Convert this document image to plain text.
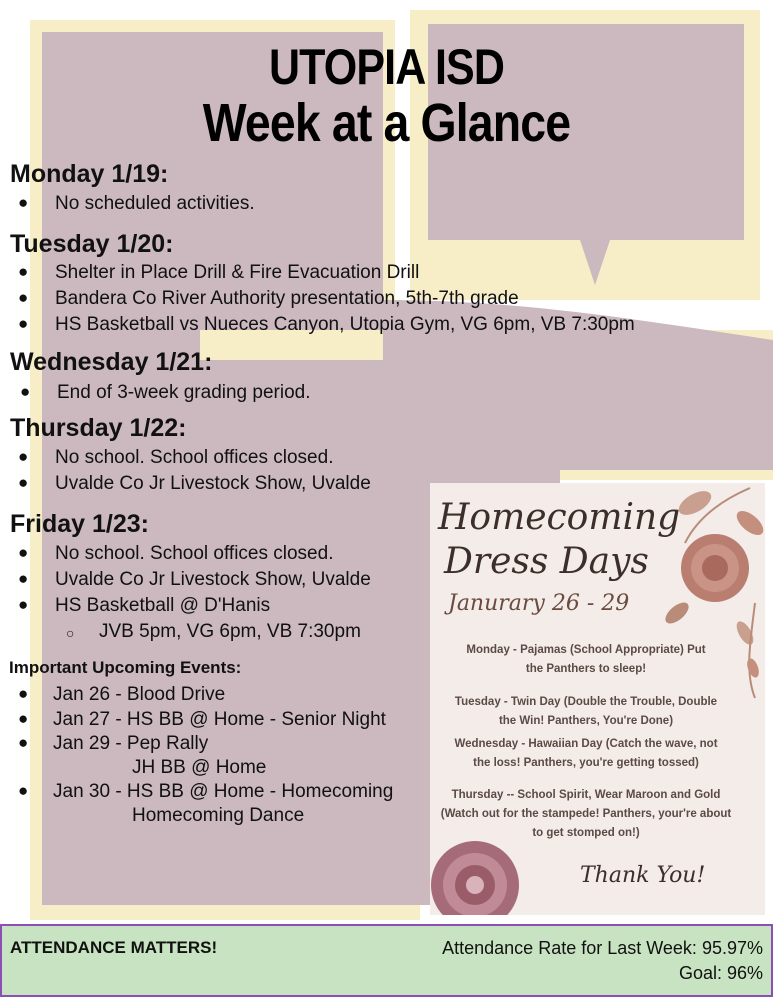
UTOPIA ISD
Week at a Glance
Monday 1/19:
● No scheduled activities.
Tuesday 1/20:
● Shelter in Place Drill & Fire Evacuation Drill
● Bandera Co River Authority presentation, 5th-7th grade
● HS Basketball vs Nueces Canyon, Utopia Gym, VG 6pm, VB 7:30pm
Wednesday 1/21:
● End of 3-week grading period.
Thursday 1/22:
● No school. School offices closed.
● Uvalde Co Jr Livestock Show, Uvalde
Friday 1/23:
● No school. School offices closed.
● Uvalde Co Jr Livestock Show, Uvalde
● HS Basketball @ D'Hanis
○ JVB 5pm, VG 6pm, VB 7:30pm
Important Upcoming Events:
● Jan 26 - Blood Drive
● Jan 27 - HS BB @ Home - Senior Night
● Jan 29 - Pep Rally
JH BB @ Home
● Jan 30 - HS BB @ Home - Homecoming
Homecoming Dance
Homecoming
Dress Days
Janurary 26 - 29
Monday - Pajamas (School Appropriate) Put
the Panthers to sleep!
Tuesday - Twin Day (Double the Trouble, Double
the Win! Panthers, You're Done)
Wednesday - Hawaiian Day (Catch the wave, not
the loss! Panthers, you're getting tossed)
Thursday -- School Spirit, Wear Maroon and Gold
(Watch out for the stampede! Panthers, your're about
to get stomped on!)
Thank You!
ATTENDANCE MATTERS!	Attendance Rate for Last Week: 95.97%
Goal: 96%
